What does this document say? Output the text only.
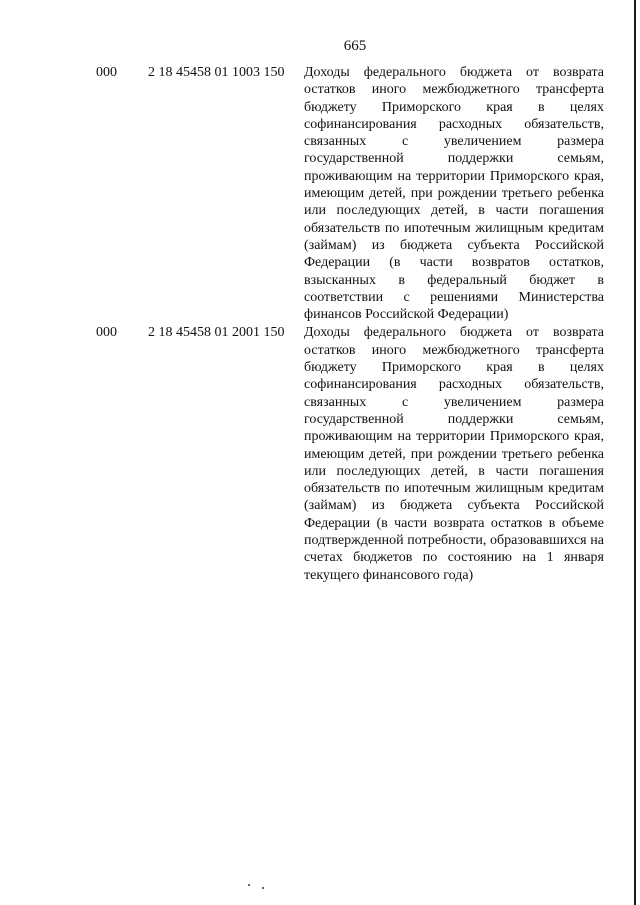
665
000	2 18 45458 01 1003 150	Доходы федерального бюджета от возврата остатков иного межбюджетного трансферта бюджету Приморского края в целях софинансирования расходных обязательств, связанных с увеличением размера государственной поддержки семьям, проживающим на территории Приморского края, имеющим детей, при рождении третьего ребенка или последующих детей, в части погашения обязательств по ипотечным жилищным кредитам (займам) из бюджета субъекта Российской Федерации (в части возвратов остатков, взысканных в федеральный бюджет в соответствии с решениями Министерства финансов Российской Федерации)
000	2 18 45458 01 2001 150	Доходы федерального бюджета от возврата остатков иного межбюджетного трансферта бюджету Приморского края в целях софинансирования расходных обязательств, связанных с увеличением размера государственной поддержки семьям, проживающим на территории Приморского края, имеющим детей, при рождении третьего ребенка или последующих детей, в части погашения обязательств по ипотечным жилищным кредитам (займам) из бюджета субъекта Российской Федерации (в части возврата остатков в объеме подтвержденной потребности, образовавшихся на счетах бюджетов по состоянию на 1 января текущего финансового года)
